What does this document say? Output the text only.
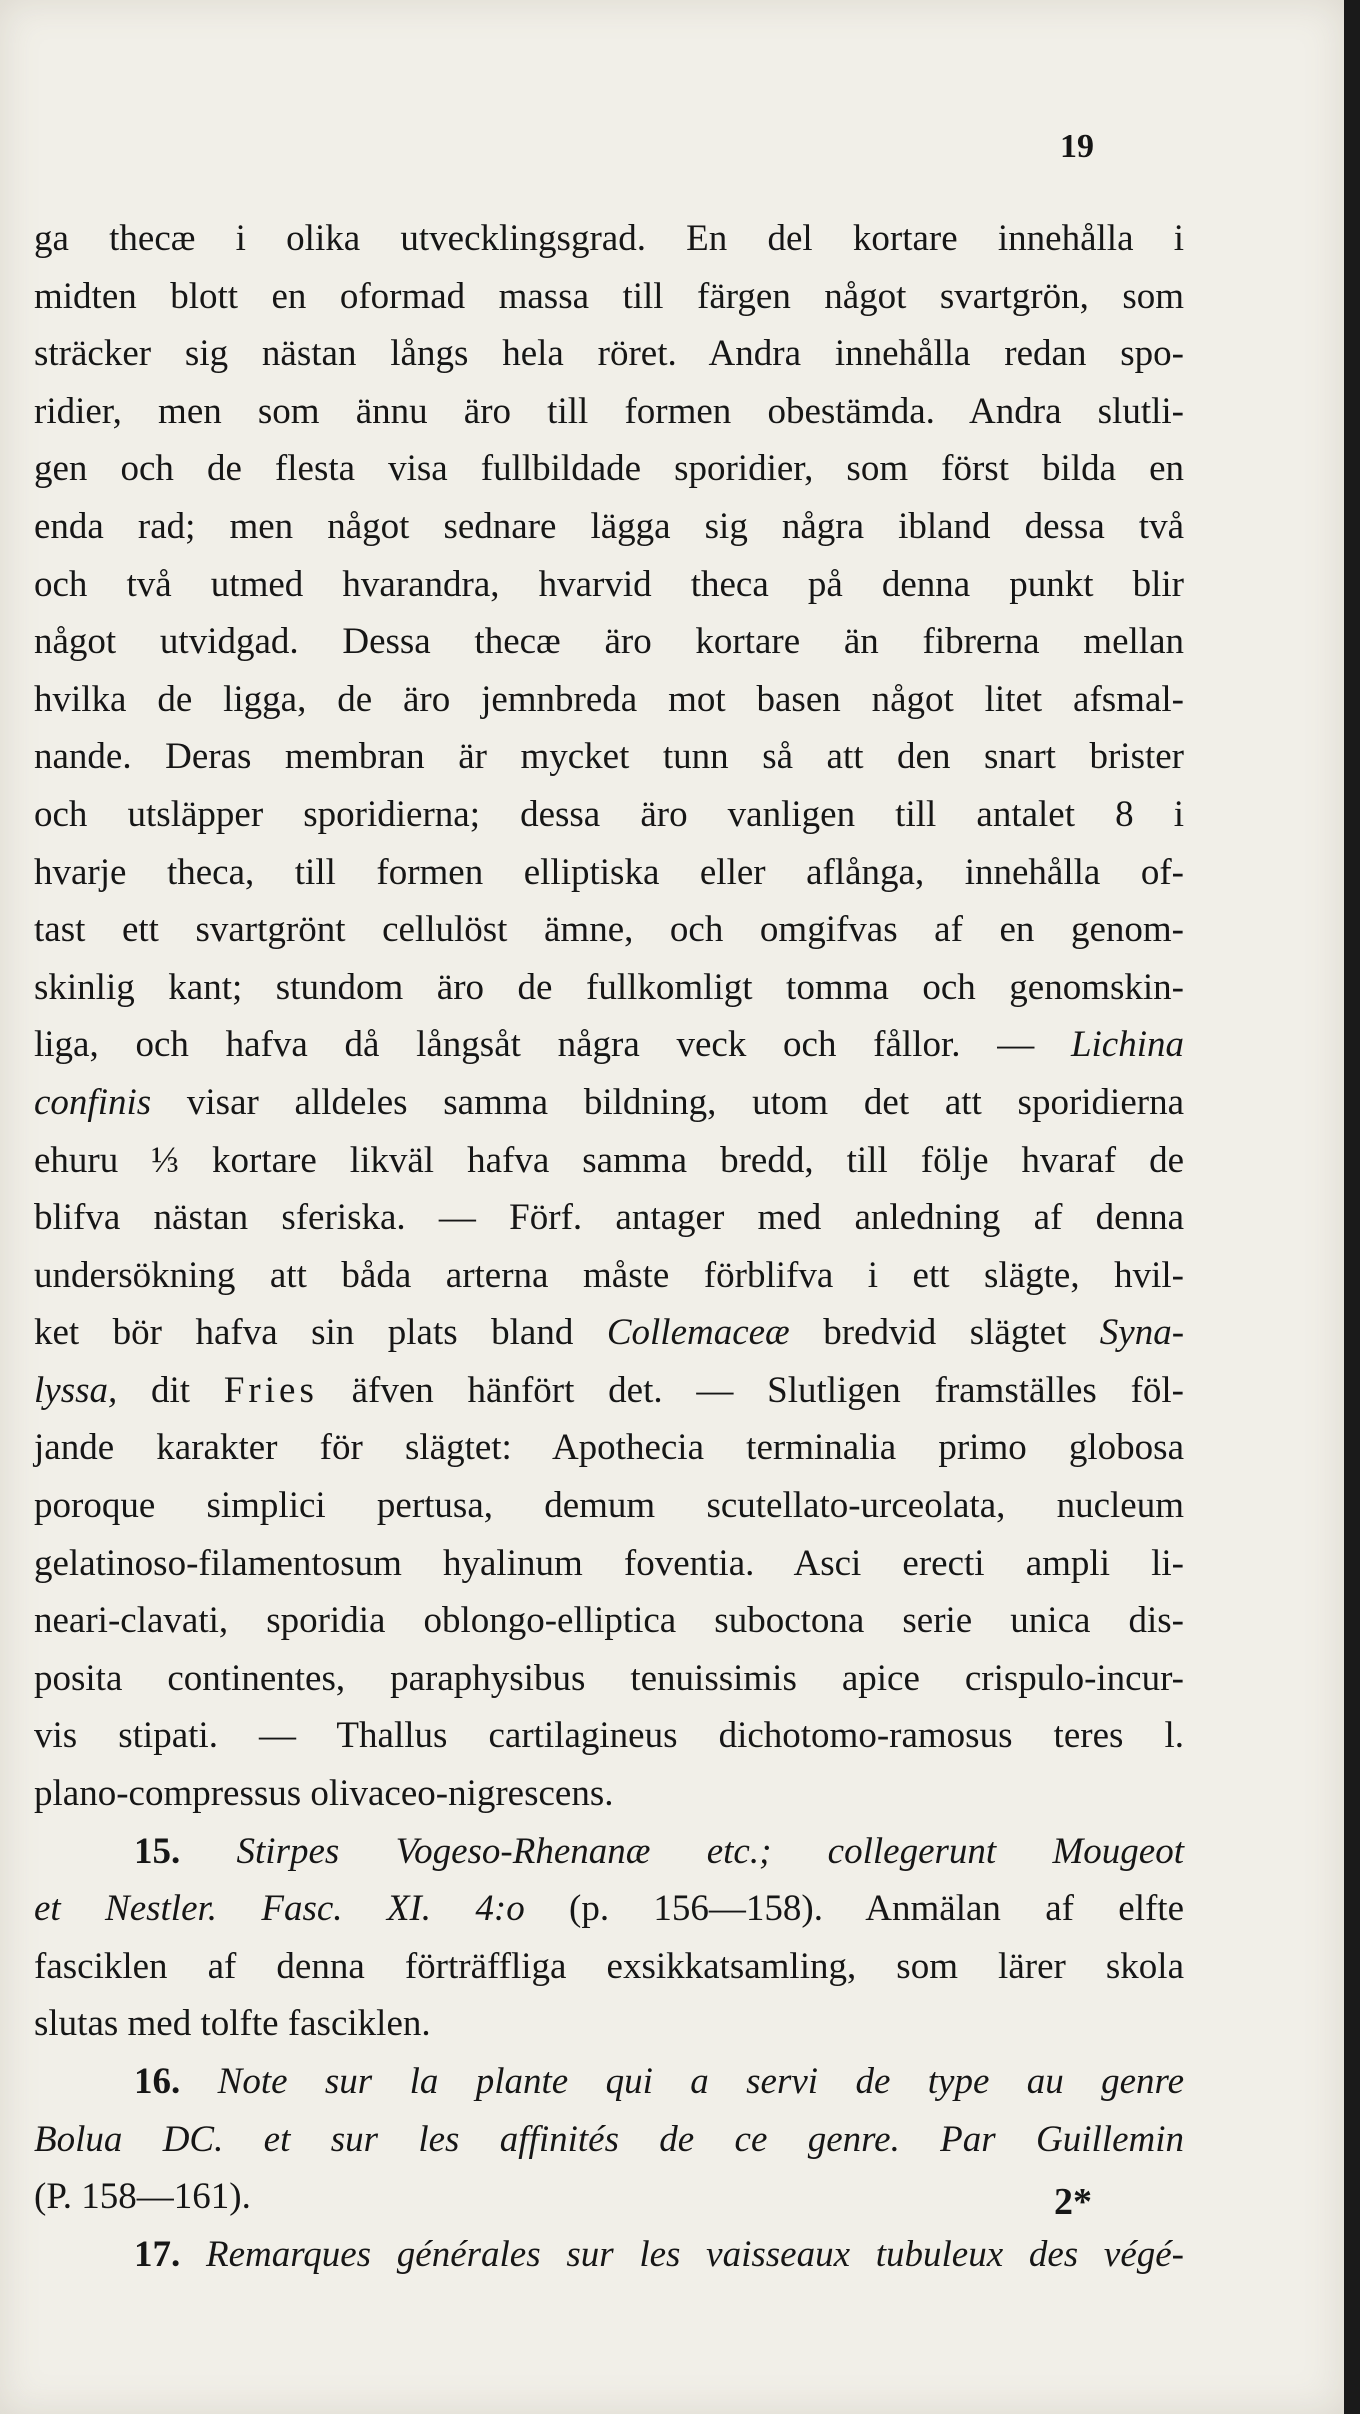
19
ga thecæ i olika utvecklingsgrad. En del kortare innehålla i
midten blott en oformad massa till färgen något svartgrön, som
sträcker sig nästan långs hela röret. Andra innehålla redan spo-
ridier, men som ännu äro till formen obestämda. Andra slutli-
gen och de flesta visa fullbildade sporidier, som först bilda en
enda rad; men något sednare lägga sig några ibland dessa två
och två utmed hvarandra, hvarvid theca på denna punkt blir
något utvidgad. Dessa thecæ äro kortare än fibrerna mellan
hvilka de ligga, de äro jemnbreda mot basen något litet afsmal-
nande. Deras membran är mycket tunn så att den snart brister
och utsläpper sporidierna; dessa äro vanligen till antalet 8 i
hvarje theca, till formen elliptiska eller aflånga, innehålla of-
tast ett svartgrönt cellulöst ämne, och omgifvas af en genom-
skinlig kant; stundom äro de fullkomligt tomma och genomskin-
liga, och hafva då långsåt några veck och fållor. — Lichina
confinis visar alldeles samma bildning, utom det att sporidierna
ehuru ⅓ kortare likväl hafva samma bredd, till följe hvaraf de
blifva nästan sferiska. — Förf. antager med anledning af denna
undersökning att båda arterna måste förblifva i ett slägte, hvil-
ket bör hafva sin plats bland Collemaceæ bredvid slägtet Syna-
lyssa, dit Fries äfven hänfört det. — Slutligen framställes föl-
jande karakter för slägtet: Apothecia terminalia primo globosa
poroque simplici pertusa, demum scutellato-urceolata, nucleum
gelatinoso-filamentosum hyalinum foventia. Asci erecti ampli li-
neari-clavati, sporidia oblongo-elliptica suboctona serie unica dis-
posita continentes, paraphysibus tenuissimis apice crispulo-incur-
vis stipati. — Thallus cartilagineus dichotomo-ramosus teres l.
plano-compressus olivaceo-nigrescens.
15. Stirpes Vogeso-Rhenanæ etc.; collegerunt Mougeot
et Nestler. Fasc. XI. 4:o (p. 156—158). Anmälan af elfte
fasciklen af denna förträffliga exsikkatsamling, som lärer skola
slutas med tolfte fasciklen.
16. Note sur la plante qui a servi de type au genre
Bolua DC. et sur les affinités de ce genre. Par Guillemin
(P. 158—161).
17. Remarques générales sur les vaisseaux tubuleux des végé-
2*
